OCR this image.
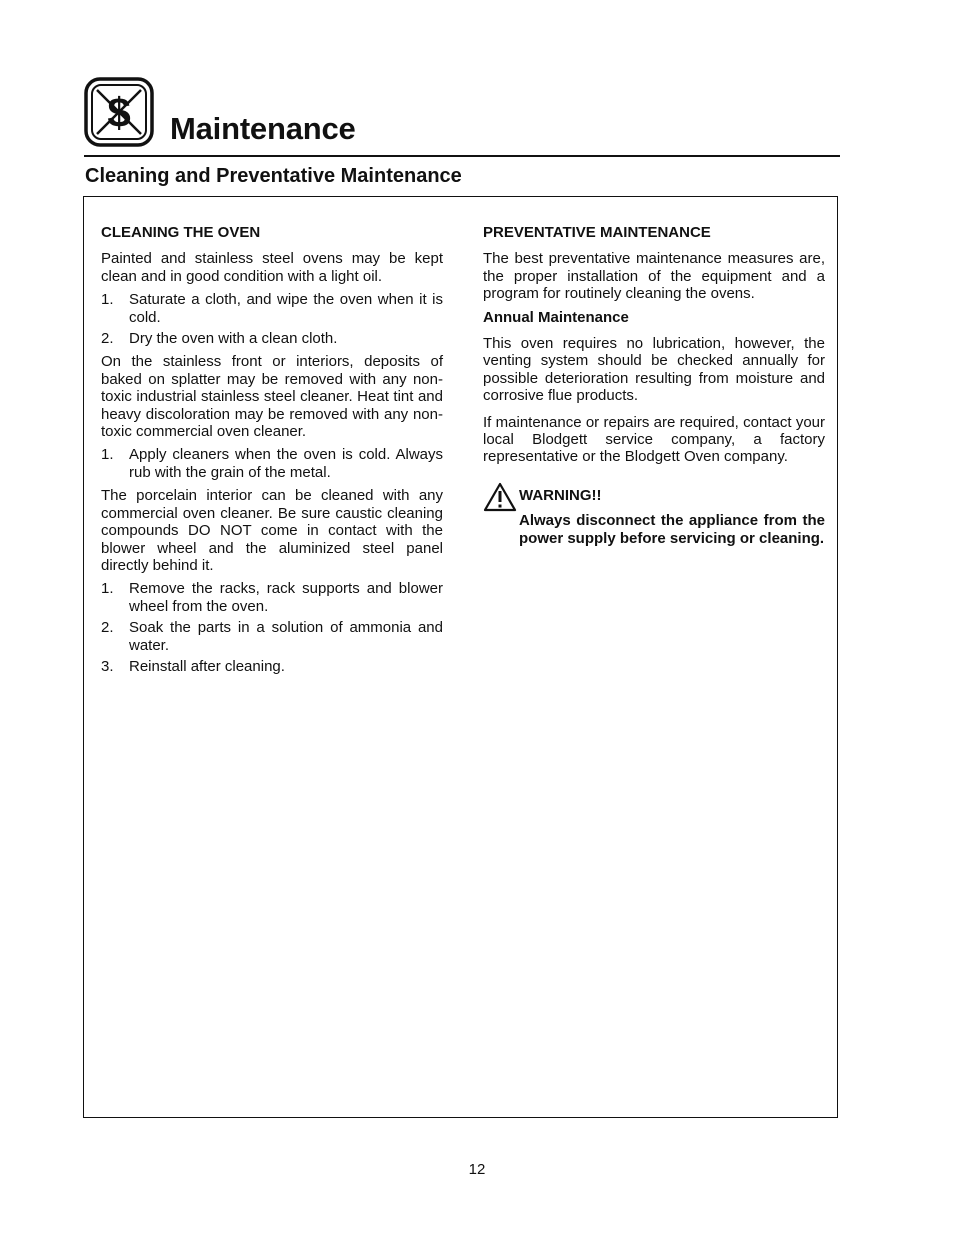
$ Maintenance
Cleaning and Preventative Maintenance
CLEANING THE OVEN

Painted and stainless steel ovens may be kept clean and in good condition with a light oil.

1.	Saturate a cloth, and wipe the oven when it is cold.
2.	Dry the oven with a clean cloth.

On the stainless front or interiors, deposits of baked on splatter may be removed with any non-toxic industrial stainless steel cleaner. Heat tint and heavy discoloration may be removed with any non-toxic commercial oven cleaner.

1.	Apply cleaners when the oven is cold. Always rub with the grain of the metal.

The porcelain interior can be cleaned with any commercial oven cleaner. Be sure caustic cleaning compounds DO NOT come in contact with the blower wheel and the aluminized steel panel directly behind it.

1.	Remove the racks, rack supports and blower wheel from the oven.
2.	Soak the parts in a solution of ammonia and water.
3.	Reinstall after cleaning.
PREVENTATIVE MAINTENANCE

The best preventative maintenance measures are, the proper installation of the equipment and a program for routinely cleaning the ovens.

Annual Maintenance

This oven requires no lubrication, however, the venting system should be checked annually for possible deterioration resulting from moisture and corrosive flue products.

If maintenance or repairs are required, contact your local Blodgett service company, a factory representative or the Blodgett Oven company.

WARNING!!

Always disconnect the appliance from the power supply before servicing or cleaning.

12
